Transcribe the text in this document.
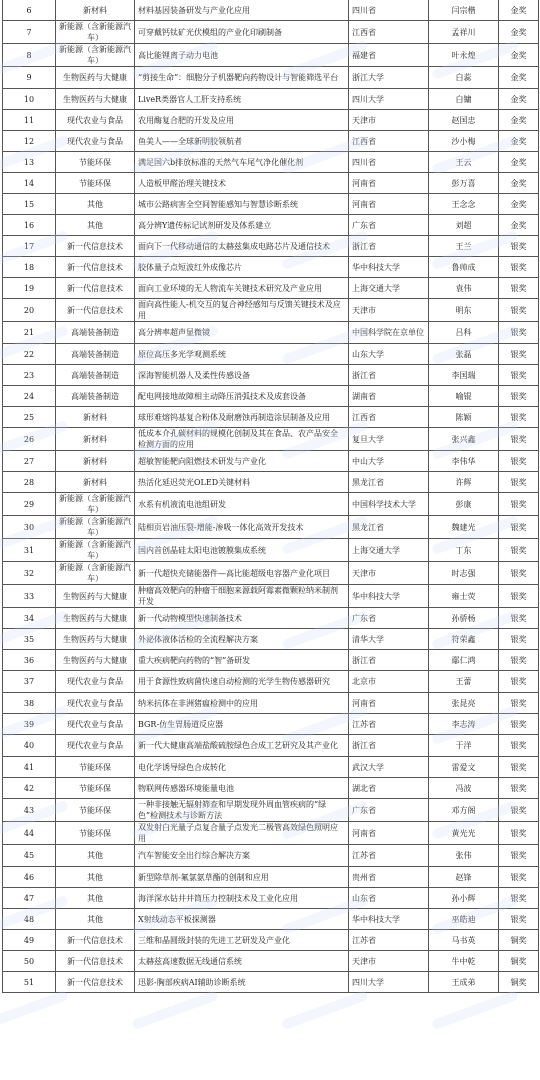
6	新材料	材料基因装备研发与产业化应用	四川省	闫宗楷	金奖
7	新能源（含新能源汽车）	可穿戴钙钛矿光伏模组的产业化印刷制备	江西省	孟祥川	金奖
8	新能源（含新能源汽车）	高比能锂离子动力电池	福建省	叶永煌	金奖
9	生物医药与大健康	“剪接生命”：细胞分子机器靶向药物设计与智能筛选平台	浙江大学	白蕊	金奖
10	生物医药与大健康	LiveR类器官人工肝支持系统	四川大学	白镛	金奖
11	现代农业与食品	农用酶复合肥的开发及应用	天津市	赵国忠	金奖
12	现代农业与食品	鱼美人——全球新明胶领航者	江西省	沙小梅	金奖
13	节能环保	满足国六b排放标准的天然气车尾气净化催化剂	四川省	王云	金奖
14	节能环保	人造板甲醛治理关键技术	河南省	彭万喜	金奖
15	其他	城市公路病害全空间智能感知与智慧诊断系统	河南省	王念念	金奖
16	其他	高分辨Y遗传标记试剂研发及体系建立	广东省	刘超	金奖
17	新一代信息技术	面向下一代移动通信的太赫兹集成电路芯片及通信技术	浙江省	王兰	银奖
18	新一代信息技术	胶体量子点短波红外成像芯片	华中科技大学	鲁帅成	银奖
19	新一代信息技术	面向工业环境的无人物流车关键技术研究及产业应用	上海交通大学	袁伟	银奖
20	新一代信息技术	面向高性能人-机交互的复合神经感知与反馈关键技术及应用	天津市	明东	银奖
21	高端装备制造	高分辨率超声显微镜	中国科学院在京单位	吕科	银奖
22	高端装备制造	原位高压多光学观测系统	山东大学	张磊	银奖
23	高端装备制造	深海智能机器人及柔性传感设备	浙江省	李国瑞	银奖
24	高端装备制造	配电网接地故障相主动降压消弧技术及成套设备	湖南省	喻锟	银奖
25	新材料	球形难熔钨基复合粉体及耐磨蚀再制造涂层制备及应用	江西省	陈颖	银奖
26	新材料	低成本介孔碳材料的规模化创制及其在食品、农产品安全检测方面的应用	复旦大学	张兴鑫	银奖
27	新材料	超敏智能靶向阻燃技术研发与产业化	中山大学	李伟华	银奖
28	新材料	热活化延迟荧光OLED关键材料	黑龙江省	许辉	银奖
29	新能源（含新能源汽车）	水系有机液流电池组研发	中国科学技术大学	彭康	银奖
30	新能源（含新能源汽车）	陆相页岩油压裂-增能-渗吸一体化高效开发技术	黑龙江省	魏建光	银奖
31	新能源（含新能源汽车）	国内首创晶硅太阳电池镀膜集成系统	上海交通大学	丁东	银奖
32	新能源（含新能源汽车）	新一代超快充储能器件—高比能超级电容器产业化项目	天津市	时志强	银奖
33	生物医药与大健康	肿瘤高效靶向的肿瘤干细胞来源载阿霉素微颗粒纳米制剂开发	华中科技大学	雍士荧	银奖
34	生物医药与大健康	新一代动物模型快速制备技术	广东省	孙骄杨	银奖
35	生物医药与大健康	外泌体液体活检的全流程解决方案	清华大学	符荣鑫	银奖
36	生物医药与大健康	重大疾病靶向药物的“智”备研发	浙江省	鄢仁鸿	银奖
37	现代农业与食品	用于食源性致病菌快速自动检测的光学生物传感器研究	北京市	王蕾	银奖
38	现代农业与食品	纳米抗体在非洲猪瘟检测中的应用	河南省	张昆亮	银奖
39	现代农业与食品	BGR-仿生胃肠道反应器	江苏省	李志涛	银奖
40	现代农业与食品	新一代大健康高端盐酸硫胺绿色合成工艺研究及其产业化	浙江省	于洋	银奖
41	节能环保	电化学诱导绿色合成转化	武汉大学	雷爱文	银奖
42	节能环保	物联网传感器环境能量电池	湖北省	冯波	银奖
43	节能环保	一种非接触无辐射筛查和早期发现外周血管疾病的“绿色”检测技术与诊断方法	广东省	邓方阁	银奖
44	节能环保	双发射白光量子点复合量子点发光二极管高效绿色照明应用	河南省	黄光光	银奖
45	其他	汽车智能安全出行综合解决方案	江苏省	张伟	银奖
46	其他	新型除草剂-氟氯氨草酯的创制和应用	贵州省	赵锋	银奖
47	其他	海洋深水钻井井筒压力控制技术及工业化应用	山东省	孙小辉	银奖
48	其他	X射线动态平板探测器	华中科技大学	巫皓迪	银奖
49	新一代信息技术	三维和晶圆级封装的先进工艺研发及产业化	江苏省	马书英	铜奖
50	新一代信息技术	太赫兹高速数据无线通信系统	天津市	牛中乾	铜奖
51	新一代信息技术	迅影-胸部疾病AI辅助诊断系统	四川大学	王成弟	铜奖
